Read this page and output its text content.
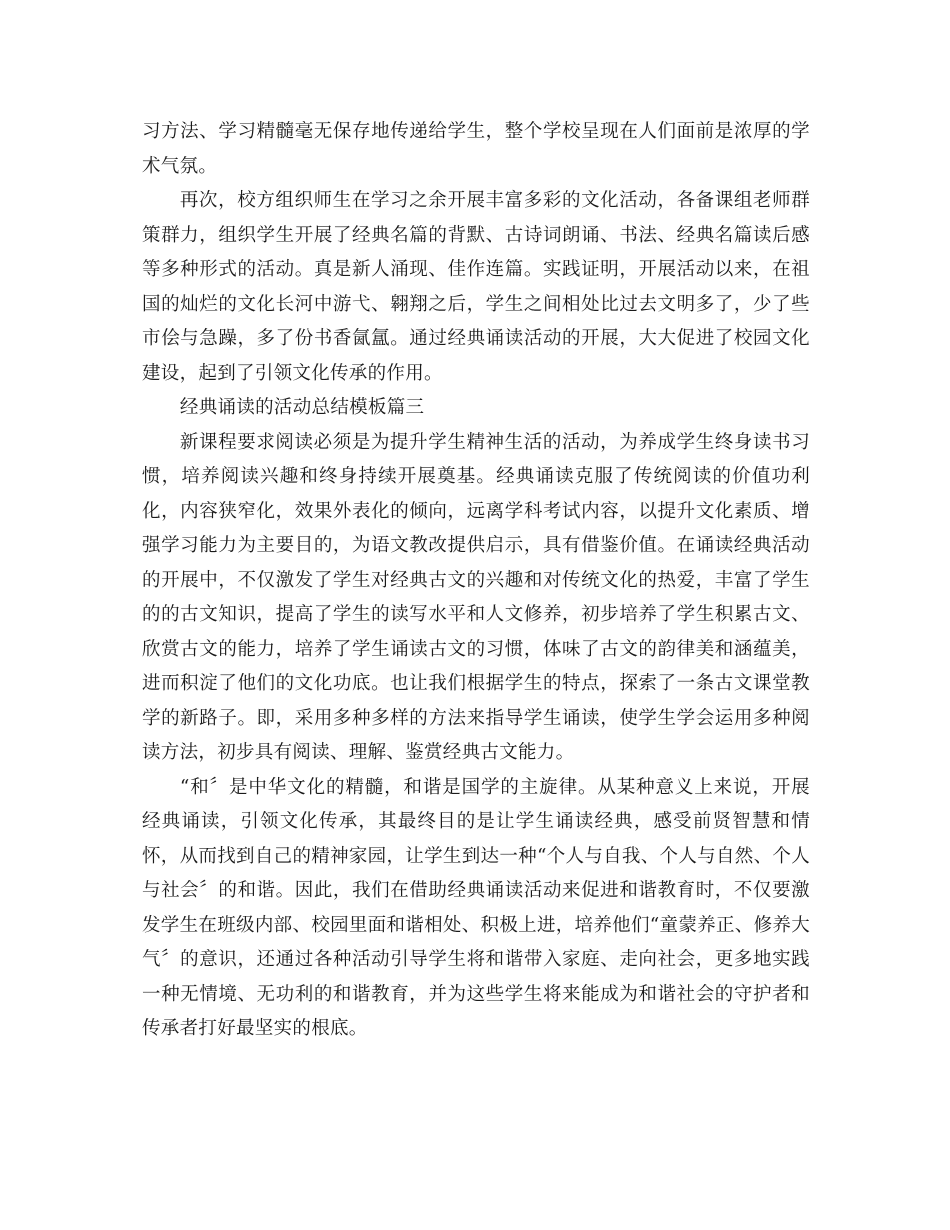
习方法、学习精髓毫无保存地传递给学生，整个学校呈现在人们面前是浓厚的学术气氛。

再次，校方组织师生在学习之余开展丰富多彩的文化活动，各备课组老师群策群力，组织学生开展了经典名篇的背默、古诗词朗诵、书法、经典名篇读后感等多种形式的活动。真是新人涌现、佳作连篇。实践证明，开展活动以来，在祖国的灿烂的文化长河中游弋、翱翔之后，学生之间相处比过去文明多了，少了些市侩与急躁，多了份书香氤氲。通过经典诵读活动的开展，大大促进了校园文化建设，起到了引领文化传承的作用。

经典诵读的活动总结模板篇三

新课程要求阅读必须是为提升学生精神生活的活动，为养成学生终身读书习惯，培养阅读兴趣和终身持续开展奠基。经典诵读克服了传统阅读的价值功利化，内容狭窄化，效果外表化的倾向，远离学科考试内容，以提升文化素质、增强学习能力为主要目的，为语文教改提供启示，具有借鉴价值。在诵读经典活动的开展中，不仅激发了学生对经典古文的兴趣和对传统文化的热爱，丰富了学生的的古文知识，提高了学生的读写水平和人文修养，初步培养了学生积累古文、欣赏古文的能力，培养了学生诵读古文的习惯，体味了古文的韵律美和涵蕴美，进而积淀了他们的文化功底。也让我们根据学生的特点，探索了一条古文课堂教学的新路子。即，采用多种多样的方法来指导学生诵读，使学生学会运用多种阅读方法，初步具有阅读、理解、鉴赏经典古文能力。

“和〞是中华文化的精髓，和谐是国学的主旋律。从某种意义上来说，开展经典诵读，引领文化传承，其最终目的是让学生诵读经典，感受前贤智慧和情怀，从而找到自己的精神家园，让学生到达一种“个人与自我、个人与自然、个人与社会〞的和谐。因此，我们在借助经典诵读活动来促进和谐教育时，不仅要激发学生在班级内部、校园里面和谐相处、积极上进，培养他们“童蒙养正、修养大气〞的意识，还通过各种活动引导学生将和谐带入家庭、走向社会，更多地实践一种无情境、无功利的和谐教育，并为这些学生将来能成为和谐社会的守护者和传承者打好最坚实的根底。
